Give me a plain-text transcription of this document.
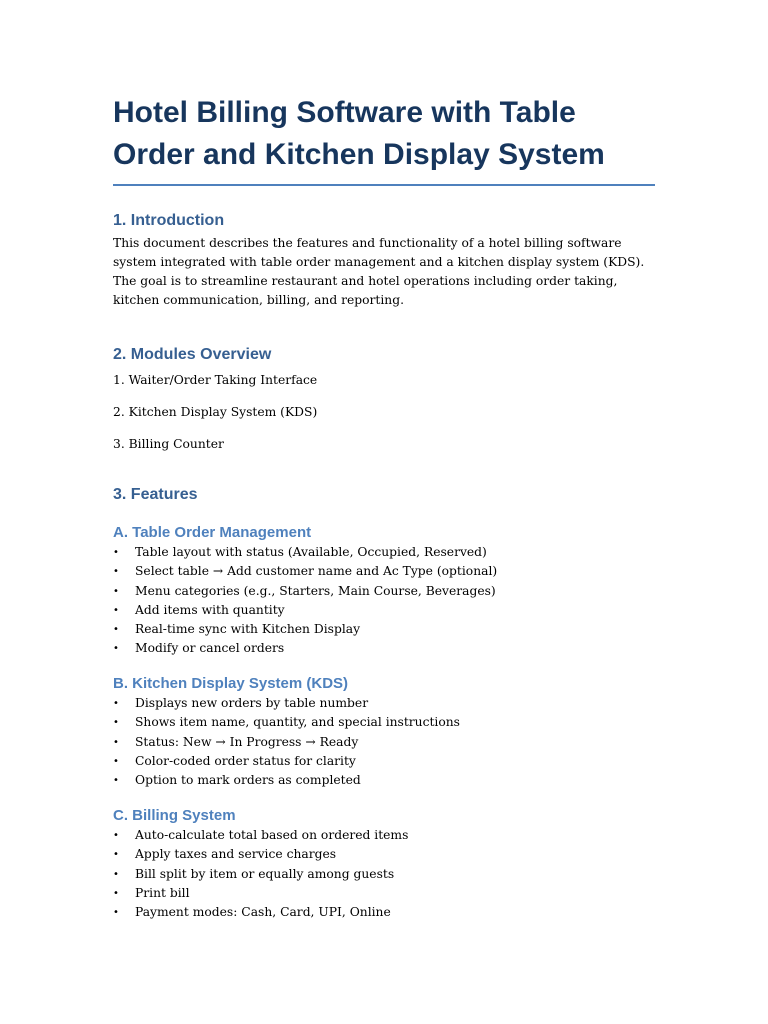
Hotel Billing Software with Table Order and Kitchen Display System
1. Introduction

This document describes the features and functionality of a hotel billing software system integrated with table order management and a kitchen display system (KDS). The goal is to streamline restaurant and hotel operations including order taking, kitchen communication, billing, and reporting.

2. Modules Overview

1. Waiter/Order Taking Interface

2. Kitchen Display System (KDS)

3. Billing Counter

3. Features
A. Table Order Management
•	Table layout with status (Available, Occupied, Reserved)
•	Select table → Add customer name and Ac Type (optional)
•	Menu categories (e.g., Starters, Main Course, Beverages)
•	Add items with quantity
•	Real-time sync with Kitchen Display
•	Modify or cancel orders
B. Kitchen Display System (KDS)
•	Displays new orders by table number
•	Shows item name, quantity, and special instructions
•	Status: New → In Progress → Ready
•	Color-coded order status for clarity
•	Option to mark orders as completed
C. Billing System
•	Auto-calculate total based on ordered items
•	Apply taxes and service charges
•	Bill split by item or equally among guests
•	Print bill
•	Payment modes: Cash, Card, UPI, Online
